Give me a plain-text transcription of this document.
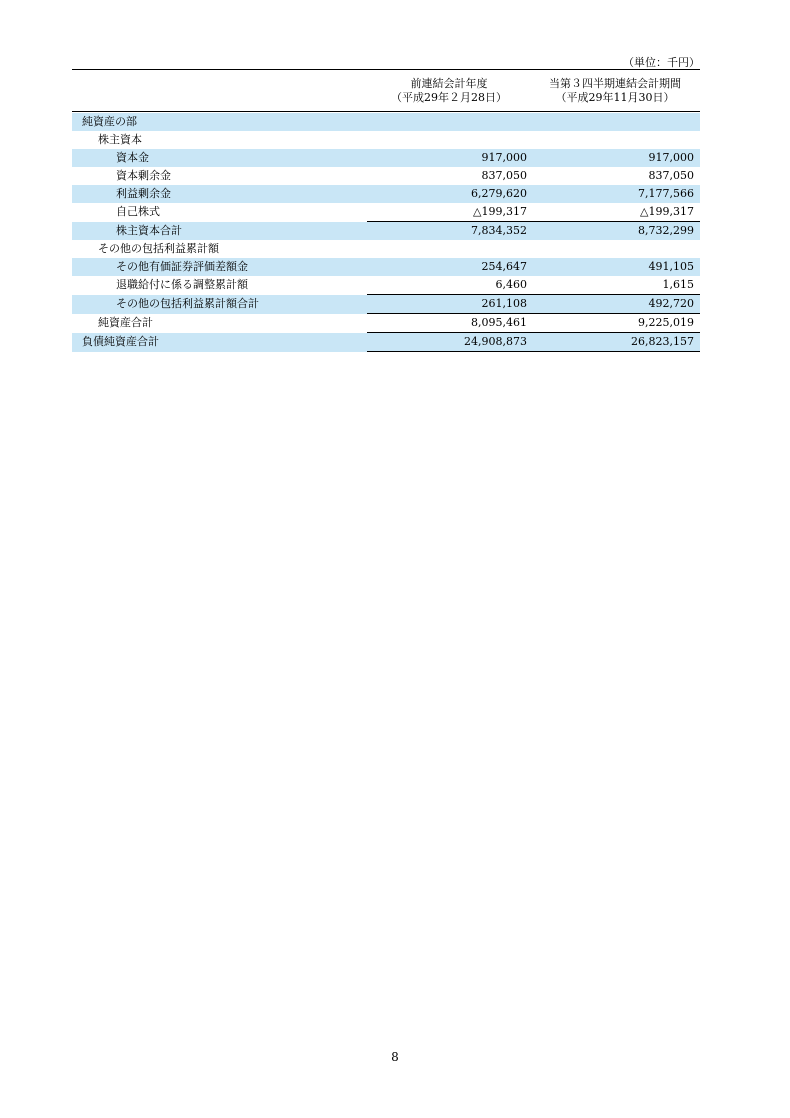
（単位：千円）
前連結会計年度
（平成29年２月28日）
当第３四半期連結会計期間
（平成29年11月30日）
純資産の部		
株主資本		
資本金	917,000	917,000
資本剰余金	837,050	837,050
利益剰余金	6,279,620	7,177,566
自己株式	△199,317	△199,317
株主資本合計	7,834,352	8,732,299
その他の包括利益累計額		
その他有価証券評価差額金	254,647	491,105
退職給付に係る調整累計額	6,460	1,615
その他の包括利益累計額合計	261,108	492,720
純資産合計	8,095,461	9,225,019
負債純資産合計	24,908,873	26,823,157
8
